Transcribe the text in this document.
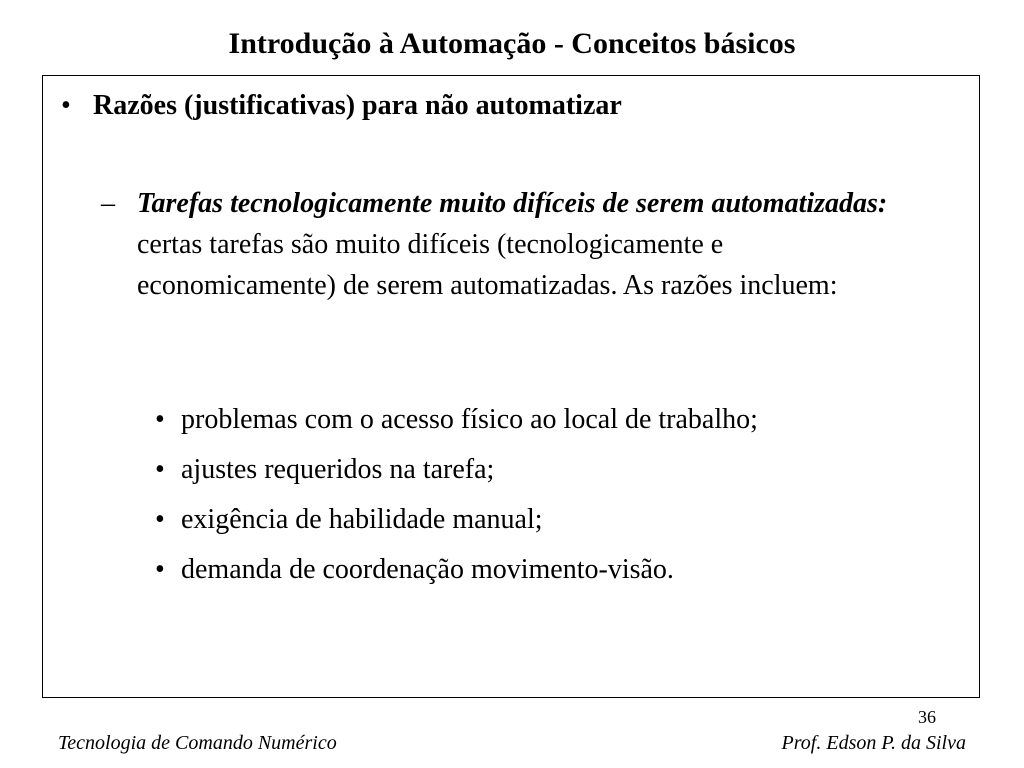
Introdução à Automação - Conceitos básicos
• Razões (justificativas) para não automatizar
– Tarefas tecnologicamente muito difíceis de serem automatizadas: certas tarefas são muito difíceis (tecnologicamente e economicamente) de serem automatizadas. As razões incluem:
• problemas com o acesso físico ao local de trabalho;
• ajustes requeridos na tarefa;
• exigência de habilidade manual;
• demanda de coordenação movimento-visão.
36
Tecnologia de Comando Numérico	Prof. Edson P. da Silva
